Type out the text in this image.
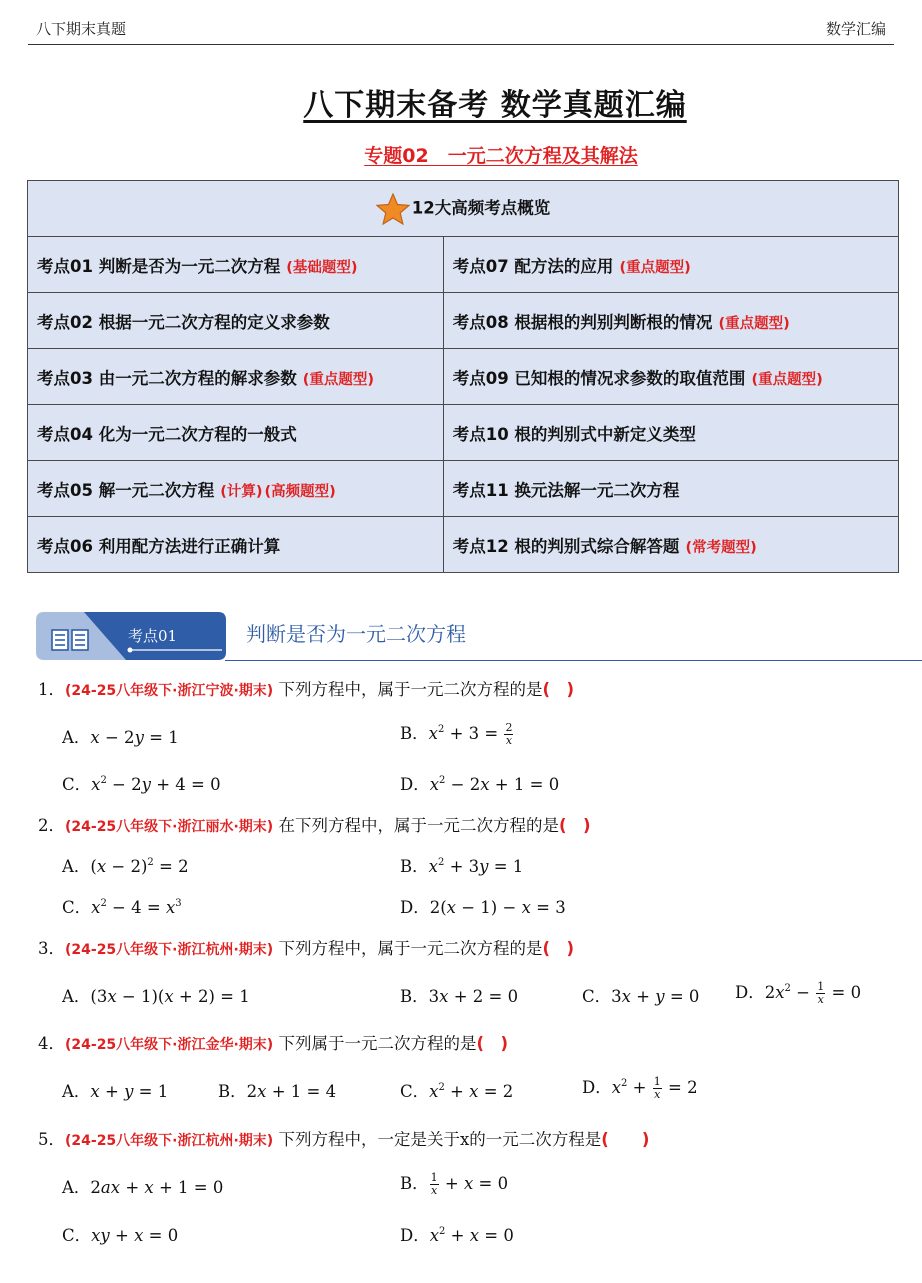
八下期末真题	数学汇编
八下期末备考 数学真题汇编
专题02　一元二次方程及其解法
12大高频考点概览	
考点01 判断是否为一元二次方程 (基础题型)	考点07 配方法的应用 (重点题型)
考点02 根据一元二次方程的定义求参数	考点08 根据根的判别判断根的情况 (重点题型)
考点03 由一元二次方程的解求参数 (重点题型)	考点09 已知根的情况求参数的取值范围 (重点题型)
考点04 化为一元二次方程的一般式	考点10 根的判别式中新定义类型
考点05 解一元二次方程 (计算) (高频题型)	考点11 换元法解一元二次方程
考点06 利用配方法进行正确计算	考点12 根的判别式综合解答题 (常考题型)
考点01	判断是否为一元二次方程
1．(24-25八年级下·浙江宁波·期末) 下列方程中，属于一元二次方程的是(　)
A．x − 2y = 1	B．$x^2 + 3 = \frac{2}{x}$
C．$x^2 - 2y + 4 = 0$	D．$x^2 - 2x + 1 = 0$
2．(24-25八年级下·浙江丽水·期末) 在下列方程中，属于一元二次方程的是(　)
A．$(x - 2)^2 = 2$	B．$x^2 + 3y = 1$
C．$x^2 - 4 = x^3$	D．2(x − 1) − x = 3
3．(24-25八年级下·浙江杭州·期末) 下列方程中，属于一元二次方程的是(　)
A．(3x − 1)(x + 2) = 1	B．3x + 2 = 0	C．3x + y = 0 D．$2x^2 - \frac{1}{x} = 0$
4．(24-25八年级下·浙江金华·期末) 下列属于一元二次方程的是(　)
A．x + y = 1	B．2x + 1 = 4	C．$x^2 + x = 2$	D．$x^2 + \frac{1}{x} = 2$
5．(24-25八年级下·浙江杭州·期末) 下列方程中，一定是关于x的一元二次方程是(　　)
A．2ax + x + 1 = 0	B． $\frac{1}{x} + x = 0$
C．xy + x = 0	D．$x^2 + x = 0$
